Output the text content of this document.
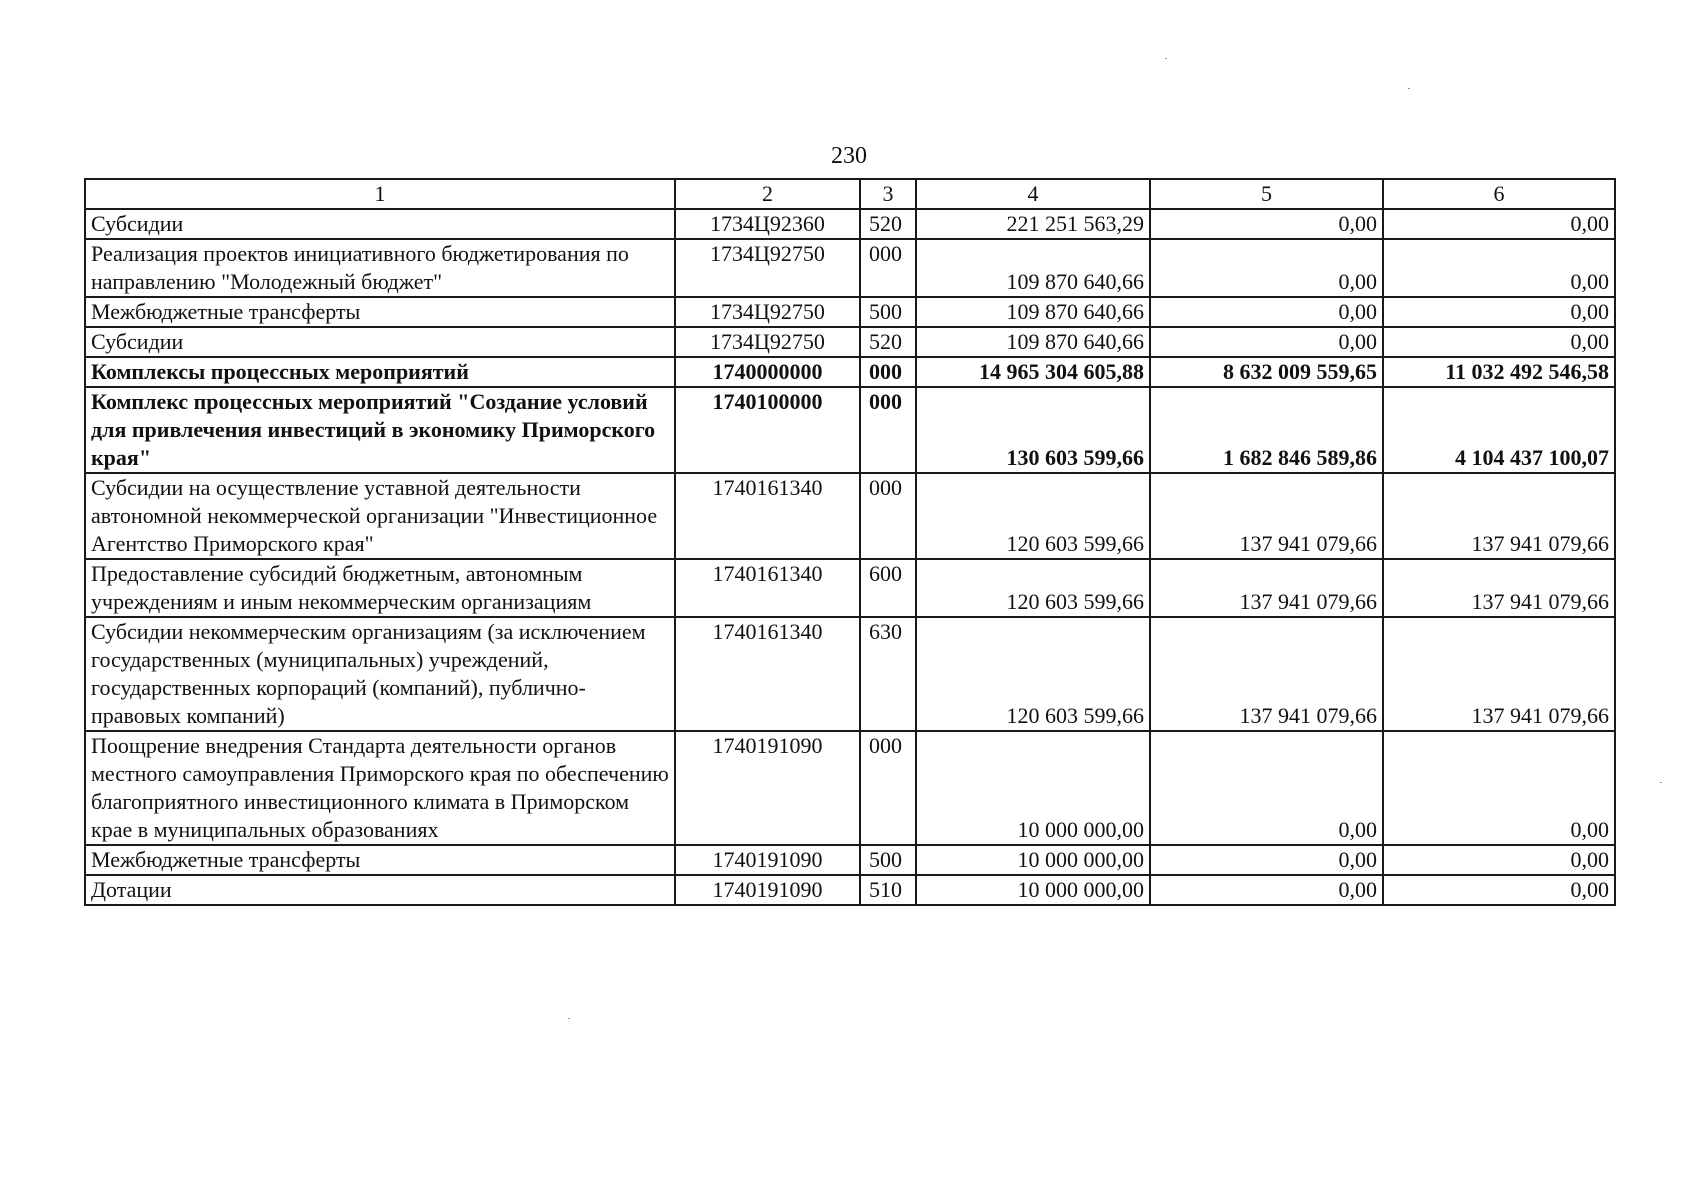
230
1	2	3	4	5	6
Субсидии	1734Ц92360	520	221 251 563,29	0,00	0,00
Реализация проектов инициативного бюджетирования по направлению "Молодежный бюджет"	1734Ц92750	000	109 870 640,66	0,00	0,00
Межбюджетные трансферты	1734Ц92750	500	109 870 640,66	0,00	0,00
Субсидии	1734Ц92750	520	109 870 640,66	0,00	0,00
Комплексы процессных мероприятий	1740000000	000	14 965 304 605,88	8 632 009 559,65	11 032 492 546,58
Комплекс процессных мероприятий "Создание условий для привлечения инвестиций в экономику Приморского края"	1740100000	000	130 603 599,66	1 682 846 589,86	4 104 437 100,07
Субсидии на осуществление уставной деятельности автономной некоммерческой организации "Инвестиционное Агентство Приморского края"	1740161340	000	120 603 599,66	137 941 079,66	137 941 079,66
Предоставление субсидий бюджетным, автономным учреждениям и иным некоммерческим организациям	1740161340	600	120 603 599,66	137 941 079,66	137 941 079,66
Субсидии некоммерческим организациям (за исключением государственных (муниципальных) учреждений, государственных корпораций (компаний), публично-правовых компаний)	1740161340	630	120 603 599,66	137 941 079,66	137 941 079,66
Поощрение внедрения Стандарта деятельности органов местного самоуправления Приморского края по обеспечению благоприятного инвестиционного климата в Приморском крае в муниципальных образованиях	1740191090	000	10 000 000,00	0,00	0,00
Межбюджетные трансферты	1740191090	500	10 000 000,00	0,00	0,00
Дотации	1740191090	510	10 000 000,00	0,00	0,00
